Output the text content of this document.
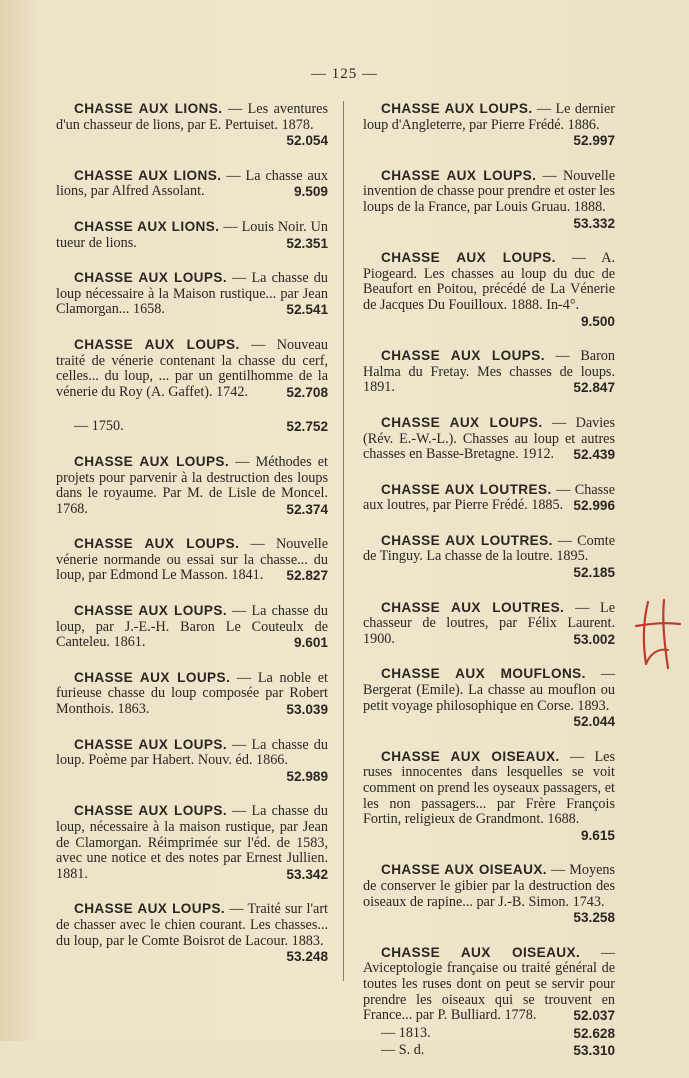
— 125 —
CHASSE AUX LIONS. — Les aventures d'un chasseur de lions, par E. Pertuiset. 1878.
52.054
CHASSE AUX LIONS. — La chasse aux lions, par Alfred Assolant.	9.509
CHASSE AUX LIONS. — Louis Noir. Un tueur de lions.	52.351
CHASSE AUX LOUPS. — La chasse du loup nécessaire à la Maison rustique... par Jean Clamorgan... 1658.	52.541
CHASSE AUX LOUPS. — Nouveau traité de vénerie contenant la chasse du cerf, celles... du loup, ... par un gentilhomme de la vénerie du Roy (A. Gaffet). 1742.	52.708
— 1750.	52.752
CHASSE AUX LOUPS. — Méthodes et projets pour parvenir à la destruction des loups dans le royaume. Par M. de Lisle de Moncel. 1768.	52.374
CHASSE AUX LOUPS. — Nouvelle vénerie normande ou essai sur la chasse... du loup, par Edmond Le Masson. 1841. 52.827
CHASSE AUX LOUPS. — La chasse du loup, par J.-E.-H. Baron Le Couteulx de Canteleu. 1861.	9.601
CHASSE AUX LOUPS. — La noble et furieuse chasse du loup composée par Robert Monthois. 1863.	53.039
CHASSE AUX LOUPS. — La chasse du loup. Poème par Habert. Nouv. éd. 1866.
52.989
CHASSE AUX LOUPS. — La chasse du loup, nécessaire à la maison rustique, par Jean de Clamorgan. Réimprimée sur l'éd. de 1583, avec une notice et des notes par Ernest Jullien. 1881.	53.342
CHASSE AUX LOUPS. — Traité sur l'art de chasser avec le chien courant. Les chasses... du loup, par le Comte Boisrot de Lacour. 1883.
53.248
CHASSE AUX LOUPS. — Le dernier loup d'Angleterre, par Pierre Frédé. 1886.
52.997
CHASSE AUX LOUPS. — Nouvelle invention de chasse pour prendre et oster les loups de la France, par Louis Gruau. 1888.
53.332
CHASSE AUX LOUPS. — A. Piogeard. Les chasses au loup du duc de Beaufort en Poitou, précédé de La Vénerie de Jacques Du Fouilloux. 1888. In-4°.
9.500
CHASSE AUX LOUPS. — Baron Halma du Fretay. Mes chasses de loups. 1891.	52.847
CHASSE AUX LOUPS. — Davies (Rév. E.-W.-L.). Chasses au loup et autres chasses en Basse-Bretagne. 1912. 52.439
CHASSE AUX LOUTRES. — Chasse aux loutres, par Pierre Frédé. 1885. 52.996
CHASSE AUX LOUTRES. — Comte de Tinguy. La chasse de la loutre. 1895.
52.185
CHASSE AUX LOUTRES. — Le chasseur de loutres, par Félix Laurent. 1900.	53.002
CHASSE AUX MOUFLONS. — Bergerat (Emile). La chasse au mouflon ou petit voyage philosophique en Corse. 1893.
52.044
CHASSE AUX OISEAUX. — Les ruses innocentes dans lesquelles se voit comment on prend les oyseaux passagers, et les non passagers... par Frère François Fortin, religieux de Grandmont. 1688.
9.615
CHASSE AUX OISEAUX. — Moyens de conserver le gibier par la destruction des oiseaux de rapine... par J.-B. Simon. 1743.
53.258
CHASSE AUX OISEAUX. — Aviceptologie française ou traité général de toutes les ruses dont on peut se servir pour prendre les oiseaux qui se trouvent en France... par P. Bulliard. 1778.	52.037
— 1813.	52.628
— S. d.	53.310
